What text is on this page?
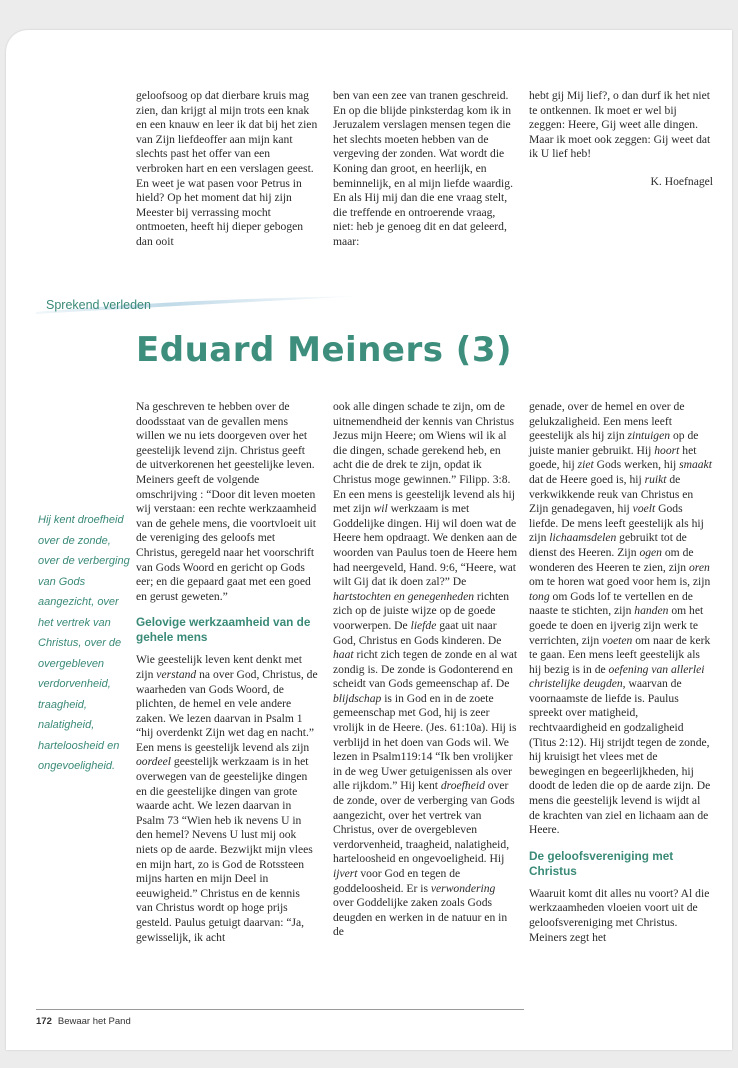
geloofsoog op dat dierbare kruis mag zien, dan krijgt al mijn trots een knak en een knauw en leer ik dat bij het zien van Zijn liefdeoffer aan mijn kant slechts past het offer van een verbroken hart en een verslagen geest. En weet je wat pasen voor Petrus in hield? Op het moment dat hij zijn Meester bij verrassing mocht ontmoeten, heeft hij dieper gebogen dan ooit

ben van een zee van tranen geschreid. En op die blijde pinksterdag kom ik in Jeruzalem verslagen mensen tegen die het slechts moeten hebben van de vergeving der zonden. Wat wordt die Koning dan groot, en heerlijk, en beminnelijk, en al mijn liefde waardig. En als Hij mij dan die ene vraag stelt, die treffende en ontroerende vraag, niet: heb je genoeg dit en dat geleerd, maar:

hebt gij Mij lief?, o dan durf ik het niet te ontkennen. Ik moet er wel bij zeggen: Heere, Gij weet alle dingen. Maar ik moet ook zeggen: Gij weet dat ik U lief heb!

K. Hoefnagel
Sprekend verleden
Eduard Meiners (3)
Hij kent droefheid over de zonde, over de verberging van Gods aangezicht, over het vertrek van Christus, over de overgebleven verdorvenheid, traagheid, nalatigheid, harteloosheid en ongevoeligheid.

Na geschreven te hebben over de doodsstaat van de gevallen mens willen we nu iets doorgeven over het geestelijk levend zijn. Christus geeft de uitverkorenen het geestelijke leven. Meiners geeft de volgende omschrijving : “Door dit leven moeten wij verstaan: een rechte werkzaamheid van de gehele mens, die voortvloeit uit de vereniging des geloofs met Christus, geregeld naar het voorschrift van Gods Woord en gericht op Gods eer; en die gepaard gaat met een goed en gerust geweten.”

Gelovige werkzaamheid van de gehele mens

Wie geestelijk leven kent denkt met zijn verstand na over God, Christus, de waarheden van Gods Woord, de plichten, de hemel en vele andere zaken. We lezen daarvan in Psalm 1 “hij overdenkt Zijn wet dag en nacht.” Een mens is geestelijk levend als zijn oordeel geestelijk werkzaam is in het overwegen van de geestelijke dingen en die geestelijke dingen van grote waarde acht. We lezen daarvan in Psalm 73 “Wien heb ik nevens U in den hemel? Nevens U lust mij ook niets op de aarde. Bezwijkt mijn vlees en mijn hart, zo is God de Rotssteen mijns harten en mijn Deel in eeuwigheid.” Christus en de kennis van Christus wordt op hoge prijs gesteld. Paulus getuigt daarvan: “Ja, gewisselijk, ik acht

ook alle dingen schade te zijn, om de uitnemendheid der kennis van Christus Jezus mijn Heere; om Wiens wil ik al die dingen, schade gerekend heb, en acht die de drek te zijn, opdat ik Christus moge gewinnen.” Filipp. 3:8. En een mens is geestelijk levend als hij met zijn wil werkzaam is met Goddelijke dingen. Hij wil doen wat de Heere hem opdraagt. We denken aan de woorden van Paulus toen de Heere hem had neergeveld, Hand. 9:6, “Heere, wat wilt Gij dat ik doen zal?” De hartstochten en genegenheden richten zich op de juiste wijze op de goede voorwerpen. De liefde gaat uit naar God, Christus en Gods kinderen. De haat richt zich tegen de zonde en al wat zondig is. De zonde is Godonterend en scheidt van Gods gemeenschap af. De blijdschap is in God en in de zoete gemeenschap met God, hij is zeer vrolijk in de Heere. (Jes. 61:10a). Hij is verblijd in het doen van Gods wil. We lezen in Psalm119:14 “Ik ben vrolijker in de weg Uwer getuigenissen als over alle rijkdom.” Hij kent droefheid over de zonde, over de verberging van Gods aangezicht, over het vertrek van Christus, over de overgebleven verdorvenheid, traagheid, nalatigheid, harteloosheid en ongevoeligheid. Hij ijvert voor God en tegen de goddeloosheid. Er is verwondering over Goddelijke zaken zoals Gods deugden en werken in de natuur en in de

genade, over de hemel en over de gelukzaligheid. Een mens leeft geestelijk als hij zijn zintuigen op de juiste manier gebruikt. Hij hoort het goede, hij ziet Gods werken, hij smaakt dat de Heere goed is, hij ruikt de verkwikkende reuk van Christus en Zijn genadegaven, hij voelt Gods liefde. De mens leeft geestelijk als hij zijn lichaamsdelen gebruikt tot de dienst des Heeren. Zijn ogen om de wonderen des Heeren te zien, zijn oren om te horen wat goed voor hem is, zijn tong om Gods lof te vertellen en de naaste te stichten, zijn handen om het goede te doen en ijverig zijn werk te verrichten, zijn voeten om naar de kerk te gaan. Een mens leeft geestelijk als hij bezig is in de oefening van allerlei christelijke deugden, waarvan de voornaamste de liefde is. Paulus spreekt over matigheid, rechtvaardigheid en godzaligheid (Titus 2:12). Hij strijdt tegen de zonde, hij kruisigt het vlees met de bewegingen en begeerlijkheden, hij doodt de leden die op de aarde zijn. De mens die geestelijk levend is wijdt al de krachten van ziel en lichaam aan de Heere.

De geloofsvereniging met Christus

Waaruit komt dit alles nu voort? Al die werkzaamheden vloeien voort uit de geloofsvereniging met Christus. Meiners zegt het

172 Bewaar het Pand
